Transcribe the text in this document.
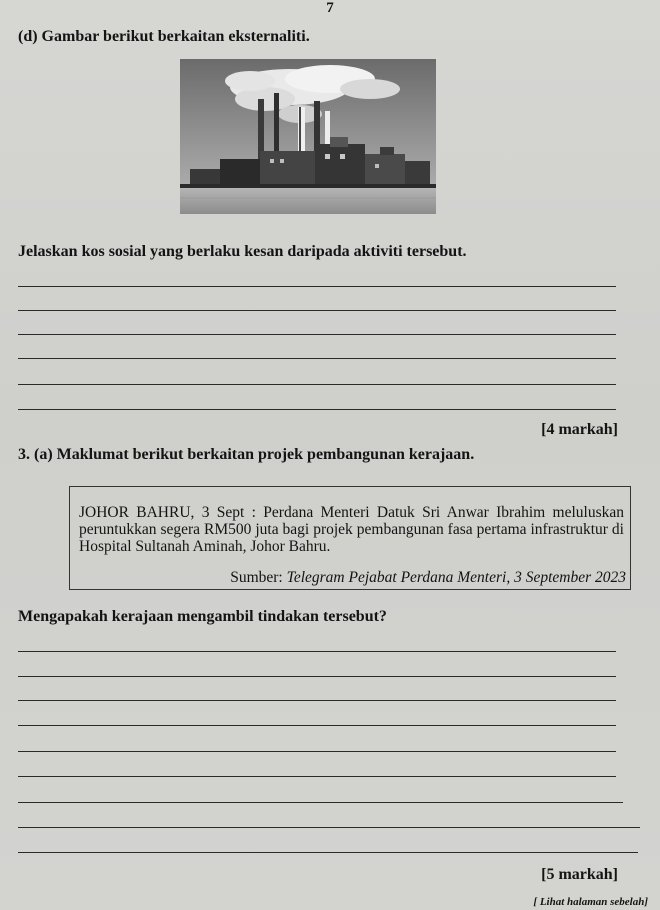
7
(d) Gambar berikut berkaitan eksternaliti.
Jelaskan kos sosial yang berlaku kesan daripada aktiviti tersebut.
[4 markah]
3. (a) Maklumat berikut berkaitan projek pembangunan kerajaan.
JOHOR BAHRU, 3 Sept : Perdana Menteri Datuk Sri Anwar Ibrahim meluluskan peruntukkan segera RM500 juta bagi projek pembangunan fasa pertama infrastruktur di Hospital Sultanah Aminah, Johor Bahru.
Sumber: Telegram Pejabat Perdana Menteri, 3 September 2023
Mengapakah kerajaan mengambil tindakan tersebut?
[5 markah]
[ Lihat halaman sebelah]
